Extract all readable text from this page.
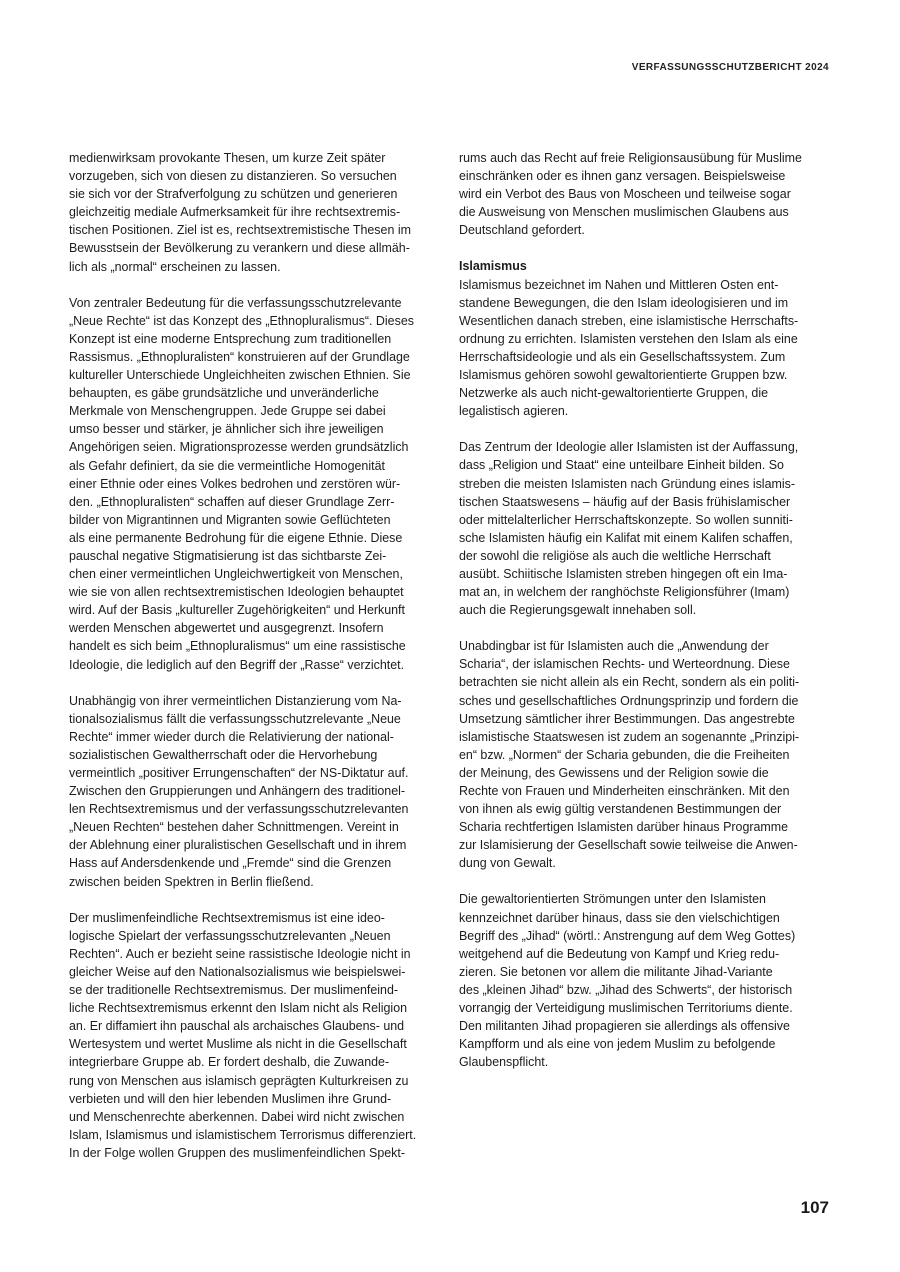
VERFASSUNGSSCHUTZBERICHT 2024

medienwirksam provokante Thesen, um kurze Zeit später
vorzugeben, sich von diesen zu distanzieren. So versuchen
sie sich vor der Strafverfolgung zu schützen und generieren
gleichzeitig mediale Aufmerksamkeit für ihre rechtsextremis-
tischen Positionen. Ziel ist es, rechtsextremistische Thesen im
Bewusstsein der Bevölkerung zu verankern und diese allmäh-
lich als „normal“ erscheinen zu lassen.

Von zentraler Bedeutung für die verfassungsschutzrelevante
„Neue Rechte“ ist das Konzept des „Ethnopluralismus“. Dieses
Konzept ist eine moderne Entsprechung zum traditionellen
Rassismus. „Ethnopluralisten“ konstruieren auf der Grundlage
kultureller Unterschiede Ungleichheiten zwischen Ethnien. Sie
behaupten, es gäbe grundsätzliche und unveränderliche
Merkmale von Menschengruppen. Jede Gruppe sei dabei
umso besser und stärker, je ähnlicher sich ihre jeweiligen
Angehörigen seien. Migrationsprozesse werden grundsätzlich
als Gefahr definiert, da sie die vermeintliche Homogenität
einer Ethnie oder eines Volkes bedrohen und zerstören wür-
den. „Ethnopluralisten“ schaffen auf dieser Grundlage Zerr-
bilder von Migrantinnen und Migranten sowie Geflüchteten
als eine permanente Bedrohung für die eigene Ethnie. Diese
pauschal negative Stigmatisierung ist das sichtbarste Zei-
chen einer vermeintlichen Ungleichwertigkeit von Menschen,
wie sie von allen rechtsextremistischen Ideologien behauptet
wird. Auf der Basis „kultureller Zugehörigkeiten“ und Herkunft
werden Menschen abgewertet und ausgegrenzt. Insofern
handelt es sich beim „Ethnopluralismus“ um eine rassistische
Ideologie, die lediglich auf den Begriff der „Rasse“ verzichtet.

Unabhängig von ihrer vermeintlichen Distanzierung vom Na-
tionalsozialismus fällt die verfassungsschutzrelevante „Neue
Rechte“ immer wieder durch die Relativierung der national-
sozialistischen Gewaltherrschaft oder die Hervorhebung
vermeintlich „positiver Errungenschaften“ der NS-Diktatur auf.
Zwischen den Gruppierungen und Anhängern des traditionel-
len Rechtsextremismus und der verfassungsschutzrelevanten
„Neuen Rechten“ bestehen daher Schnittmengen. Vereint in
der Ablehnung einer pluralistischen Gesellschaft und in ihrem
Hass auf Andersdenkende und „Fremde“ sind die Grenzen
zwischen beiden Spektren in Berlin fließend.

Der muslimenfeindliche Rechtsextremismus ist eine ideo-
logische Spielart der verfassungsschutzrelevanten „Neuen
Rechten“. Auch er bezieht seine rassistische Ideologie nicht in
gleicher Weise auf den Nationalsozialismus wie beispielswei-
se der traditionelle Rechtsextremismus. Der muslimenfeind-
liche Rechtsextremismus erkennt den Islam nicht als Religion
an. Er diffamiert ihn pauschal als archaisches Glaubens- und
Wertesystem und wertet Muslime als nicht in die Gesellschaft
integrierbare Gruppe ab. Er fordert deshalb, die Zuwande-
rung von Menschen aus islamisch geprägten Kulturkreisen zu
verbieten und will den hier lebenden Muslimen ihre Grund-
und Menschenrechte aberkennen. Dabei wird nicht zwischen
Islam, Islamismus und islamistischem Terrorismus differenziert.
In der Folge wollen Gruppen des muslimenfeindlichen Spekt-

rums auch das Recht auf freie Religionsausübung für Muslime
einschränken oder es ihnen ganz versagen. Beispielsweise
wird ein Verbot des Baus von Moscheen und teilweise sogar
die Ausweisung von Menschen muslimischen Glaubens aus
Deutschland gefordert.

Islamismus
Islamismus bezeichnet im Nahen und Mittleren Osten ent-
standene Bewegungen, die den Islam ideologisieren und im
Wesentlichen danach streben, eine islamistische Herrschafts-
ordnung zu errichten. Islamisten verstehen den Islam als eine
Herrschaftsideologie und als ein Gesellschaftssystem. Zum
Islamismus gehören sowohl gewaltorientierte Gruppen bzw.
Netzwerke als auch nicht-gewaltorientierte Gruppen, die
legalistisch agieren.

Das Zentrum der Ideologie aller Islamisten ist der Auffassung,
dass „Religion und Staat“ eine unteilbare Einheit bilden. So
streben die meisten Islamisten nach Gründung eines islamis-
tischen Staatswesens – häufig auf der Basis frühislamischer
oder mittelalterlicher Herrschaftskonzepte. So wollen sunniti-
sche Islamisten häufig ein Kalifat mit einem Kalifen schaffen,
der sowohl die religiöse als auch die weltliche Herrschaft
ausübt. Schiitische Islamisten streben hingegen oft ein Ima-
mat an, in welchem der ranghöchste Religionsführer (Imam)
auch die Regierungsgewalt innehaben soll.

Unabdingbar ist für Islamisten auch die „Anwendung der
Scharia“, der islamischen Rechts- und Werteordnung. Diese
betrachten sie nicht allein als ein Recht, sondern als ein politi-
sches und gesellschaftliches Ordnungsprinzip und fordern die
Umsetzung sämtlicher ihrer Bestimmungen. Das angestrebte
islamistische Staatswesen ist zudem an sogenannte „Prinzipi-
en“ bzw. „Normen“ der Scharia gebunden, die die Freiheiten
der Meinung, des Gewissens und der Religion sowie die
Rechte von Frauen und Minderheiten einschränken. Mit den
von ihnen als ewig gültig verstandenen Bestimmungen der
Scharia rechtfertigen Islamisten darüber hinaus Programme
zur Islamisierung der Gesellschaft sowie teilweise die Anwen-
dung von Gewalt.

Die gewaltorientierten Strömungen unter den Islamisten
kennzeichnet darüber hinaus, dass sie den vielschichtigen
Begriff des „Jihad“ (wörtl.: Anstrengung auf dem Weg Gottes)
weitgehend auf die Bedeutung von Kampf und Krieg redu-
zieren. Sie betonen vor allem die militante Jihad-Variante
des „kleinen Jihad“ bzw. „Jihad des Schwerts“, der historisch
vorrangig der Verteidigung muslimischen Territoriums diente.
Den militanten Jihad propagieren sie allerdings als offensive
Kampfform und als eine von jedem Muslim zu befolgende
Glaubenspflicht.

107
